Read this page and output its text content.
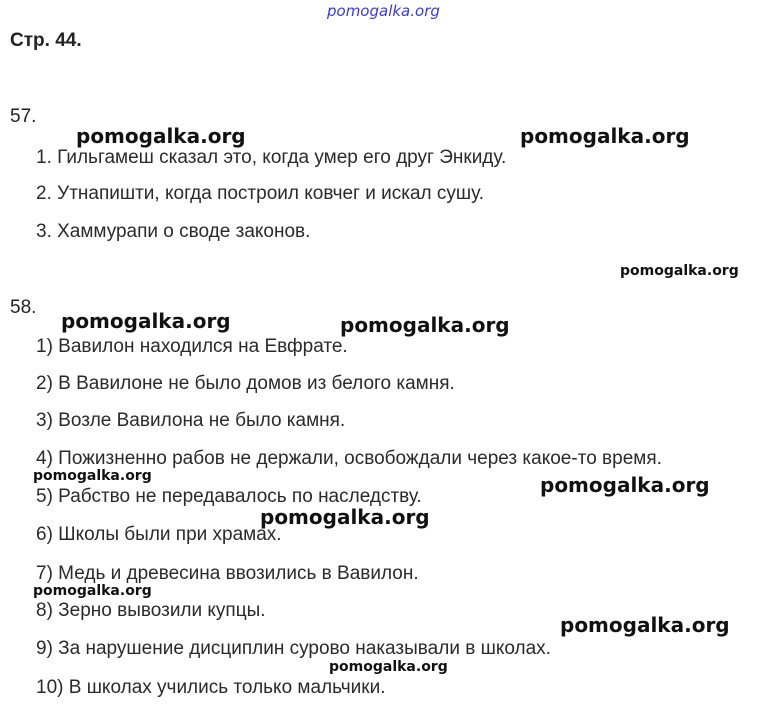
pomogalka.org
Стр. 44.
57.
1. Гильгамеш сказал это, когда умер его друг Энкиду.
2. Утнапишти, когда построил ковчег и искал сушу.
3. Хаммурапи о своде законов.
58.
1) Вавилон находился на Евфрате.
2) В Вавилоне не было домов из белого камня.
3) Возле Вавилона не было камня.
4) Пожизненно рабов не держали, освобождали через какое-то время.
5) Рабство не передавалось по наследству.
6) Школы были при храмах.
7) Медь и древесина ввозились в Вавилон.
8) Зерно вывозили купцы.
9) За нарушение дисциплин сурово наказывали в школах.
10) В школах учились только мальчики.
pomogalka.org	pomogalka.org
pomogalka.org
pomogalka.org	pomogalka.org
pomogalka.org	pomogalka.org
pomogalka.org
pomogalka.org
pomogalka.org
pomogalka.org
